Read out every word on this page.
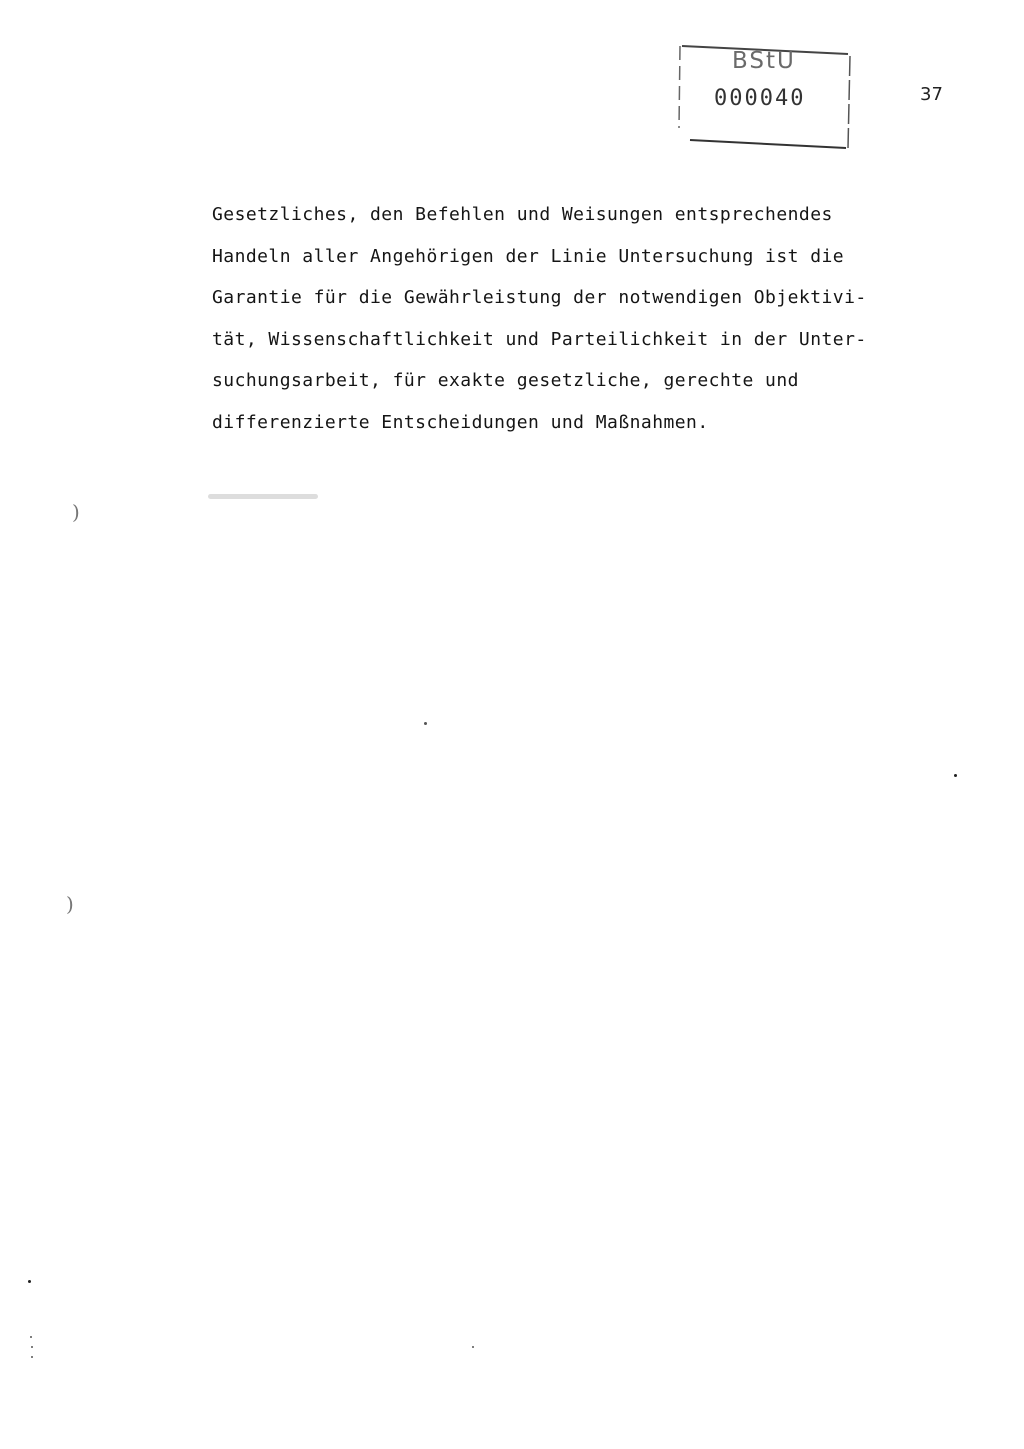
BStU
000040	37

Gesetzliches, den Befehlen und Weisungen entsprechendes
Handeln aller Angehörigen der Linie Untersuchung ist die
Garantie für die Gewährleistung der notwendigen Objektivi-
tät, Wissenschaftlichkeit und Parteilichkeit in der Unter-
suchungsarbeit, für exakte gesetzliche, gerechte und
differenzierte Entscheidungen und Maßnahmen.

)
)
